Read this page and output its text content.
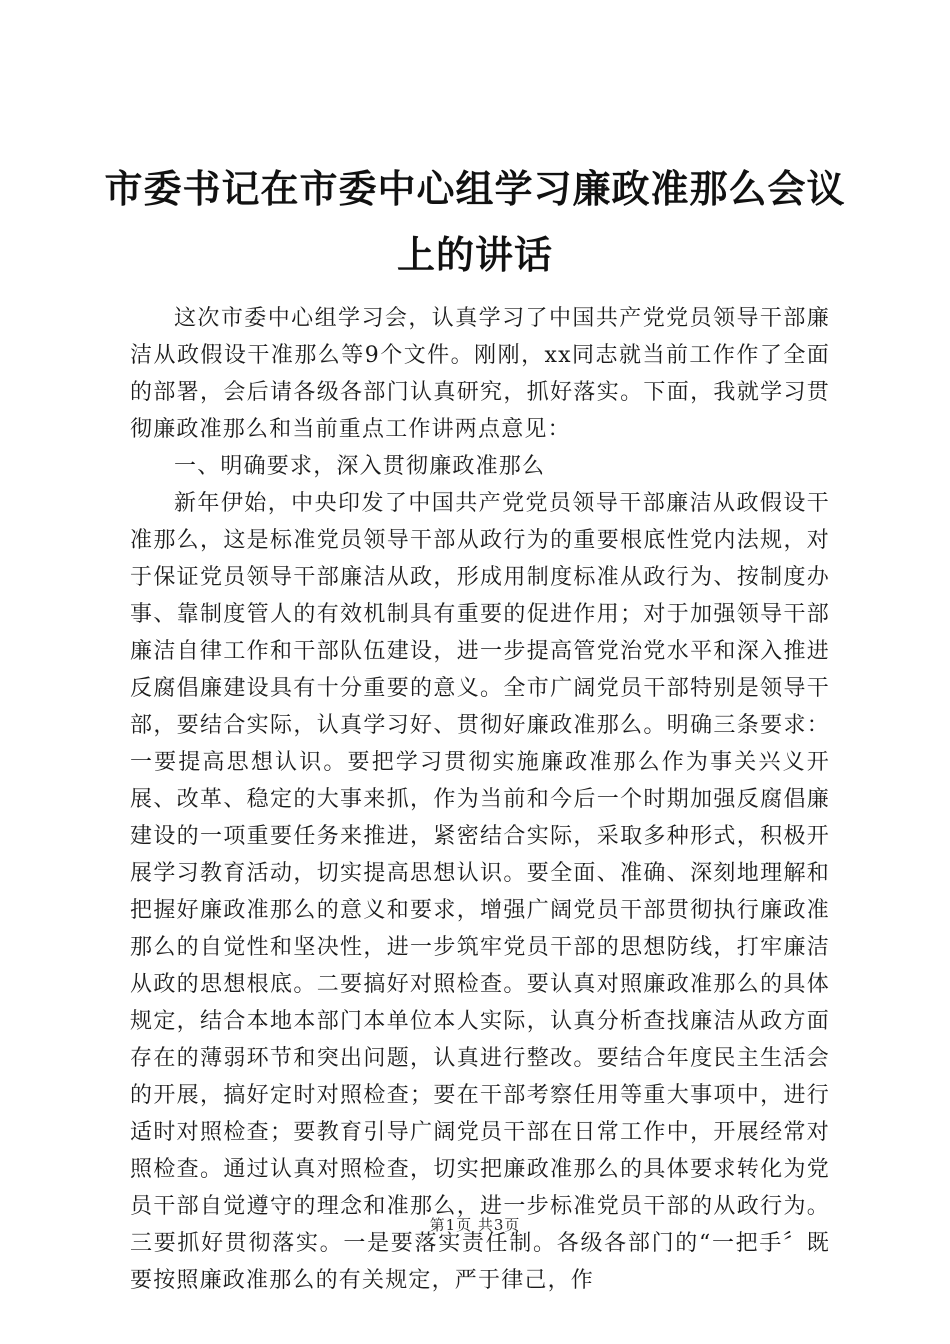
市委书记在市委中心组学习廉政准那么会议上的讲话

这次市委中心组学习会，认真学习了中国共产党党员领导干部廉洁从政假设干准那么等9个文件。刚刚，xx同志就当前工作作了全面的部署，会后请各级各部门认真研究，抓好落实。下面，我就学习贯彻廉政准那么和当前重点工作讲两点意见：

一、明确要求，深入贯彻廉政准那么

新年伊始，中央印发了中国共产党党员领导干部廉洁从政假设干准那么，这是标准党员领导干部从政行为的重要根底性党内法规，对于保证党员领导干部廉洁从政，形成用制度标准从政行为、按制度办事、靠制度管人的有效机制具有重要的促进作用；对于加强领导干部廉洁自律工作和干部队伍建设，进一步提高管党治党水平和深入推进反腐倡廉建设具有十分重要的意义。全市广阔党员干部特别是领导干部，要结合实际，认真学习好、贯彻好廉政准那么。明确三条要求：一要提高思想认识。要把学习贯彻实施廉政准那么作为事关兴义开展、改革、稳定的大事来抓，作为当前和今后一个时期加强反腐倡廉建设的一项重要任务来推进，紧密结合实际，采取多种形式，积极开展学习教育活动，切实提高思想认识。要全面、准确、深刻地理解和把握好廉政准那么的意义和要求，增强广阔党员干部贯彻执行廉政准那么的自觉性和坚决性，进一步筑牢党员干部的思想防线，打牢廉洁从政的思想根底。二要搞好对照检查。要认真对照廉政准那么的具体规定，结合本地本部门本单位本人实际，认真分析查找廉洁从政方面存在的薄弱环节和突出问题，认真进行整改。要结合年度民主生活会的开展，搞好定时对照检查；要在干部考察任用等重大事项中，进行适时对照检查；要教育引导广阔党员干部在日常工作中，开展经常对照检查。通过认真对照检查，切实把廉政准那么的具体要求转化为党员干部自觉遵守的理念和准那么，进一步标准党员干部的从政行为。三要抓好贯彻落实。一是要落实责任制。各级各部门的“一把手〞既要按照廉政准那么的有关规定，严于律己，作

第1页 共3页
